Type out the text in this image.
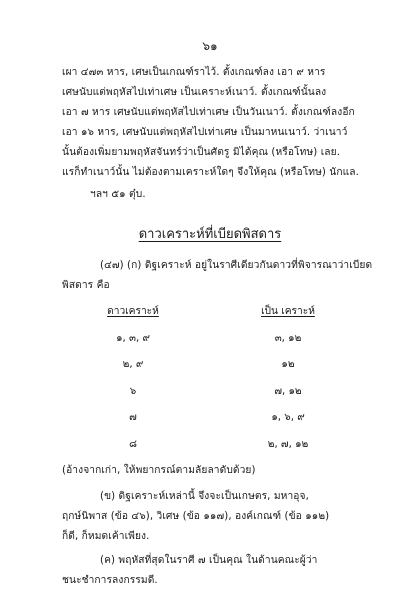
๖๑
เผา ๔๗๓ หาร, เศษเป็นเกณฑ์ราไว้. ตั้งเกณฑ์ลง เอา ๙ หาร
เศษนับแต่พฤหัสไปเท่าเศษ เป็นเคราะห์เนาว์. ตั้งเกณฑ์นั้นลง
เอา ๗ หาร เศษนับแต่พฤหัสไปเท่าเศษ เป็นวันเนาว์. ตั้งเกณฑ์ลงอีก
เอา ๑๖ หาร, เศษนับแต่พฤหัสไปเท่าเศษ เป็นมาหนเนาว์. ว่าเนาว์
นั้นต้องเพิ่มยามพฤหัสจันทร์ว่าเป็นศัตรู มิได้คุณ (หรือโทษ) เลย.
แรก็ทำเนาว์นั้น ไม่ต้องตามเคราะห์ใดๆ จึงให้คุณ (หรือโทษ) นักแล.
ฯลฯ ๕๑ ตุ๋บ.
ดาวเคราะห์ที่เบียดพิสดาร
(๔๗) (ก) ดิฐเคราะห์ อยู่ในราศีเดียวกันดาวที่พิจารณาว่าเบียด
พิสดาร คือ
ดาวเคราะห์	เป็น เคราะห์
๑, ๓, ๙	๓, ๑๒
๒, ๙	๑๒
๖	๗, ๑๒
๗	๑, ๖, ๙
๘	๒, ๗, ๑๒
(อ้างจากเก่า, ให้พยากรณ์ตามลัยลาดับด้วย)
(ข) ดิฐเคราะห์เหล่านี้ จึงจะเป็นเกษตร, มหาอุจ,
ฤกษ์นิพาส (ข้อ ๔๖), วิเศษ (ข้อ ๑๑๗), องค์เกณฑ์ (ข้อ ๑๑๒)
ก็ดี, ก็หมดเค้าเพียง.
(ค) พฤหัสที่สุดในราศี ๗ เป็นคุณ ในด้านคณะผู้ว่า
ชนะชำการลงกรรมดี.
